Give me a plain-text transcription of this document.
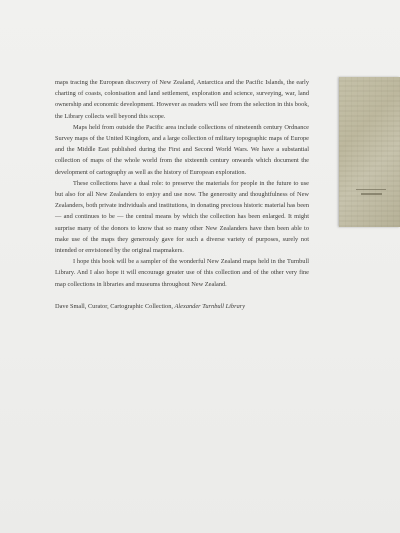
maps tracing the European discovery of New Zealand, Antarctica and the Pacific Islands, the early charting of coasts, colonisation and land settlement, exploration and science, surveying, war, land ownership and economic development. However as readers will see from the selection in this book, the Library collects well beyond this scope.

Maps held from outside the Pacific area include collections of nineteenth century Ordnance Survey maps of the United Kingdom, and a large collection of military topographic maps of Europe and the Middle East published during the First and Second World Wars. We have a substantial collection of maps of the whole world from the sixteenth century onwards which document the development of cartography as well as the history of European exploration.

These collections have a dual role: to preserve the materials for people in the future to use but also for all New Zealanders to enjoy and use now. The generosity and thoughtfulness of New Zealanders, both private individuals and institutions, in donating precious historic material has been — and continues to be — the central means by which the collection has been enlarged. It might surprise many of the donors to know that so many other New Zealanders have then been able to make use of the maps they generously gave for such a diverse variety of purposes, surely not intended or envisioned by the original mapmakers.

I hope this book will be a sampler of the wonderful New Zealand maps held in the Turnbull Library. And I also hope it will encourage greater use of this collection and of the other very fine map collections in libraries and museums throughout New Zealand.

Dave Small, Curator, Cartographic Collection, Alexander Turnbull Library
